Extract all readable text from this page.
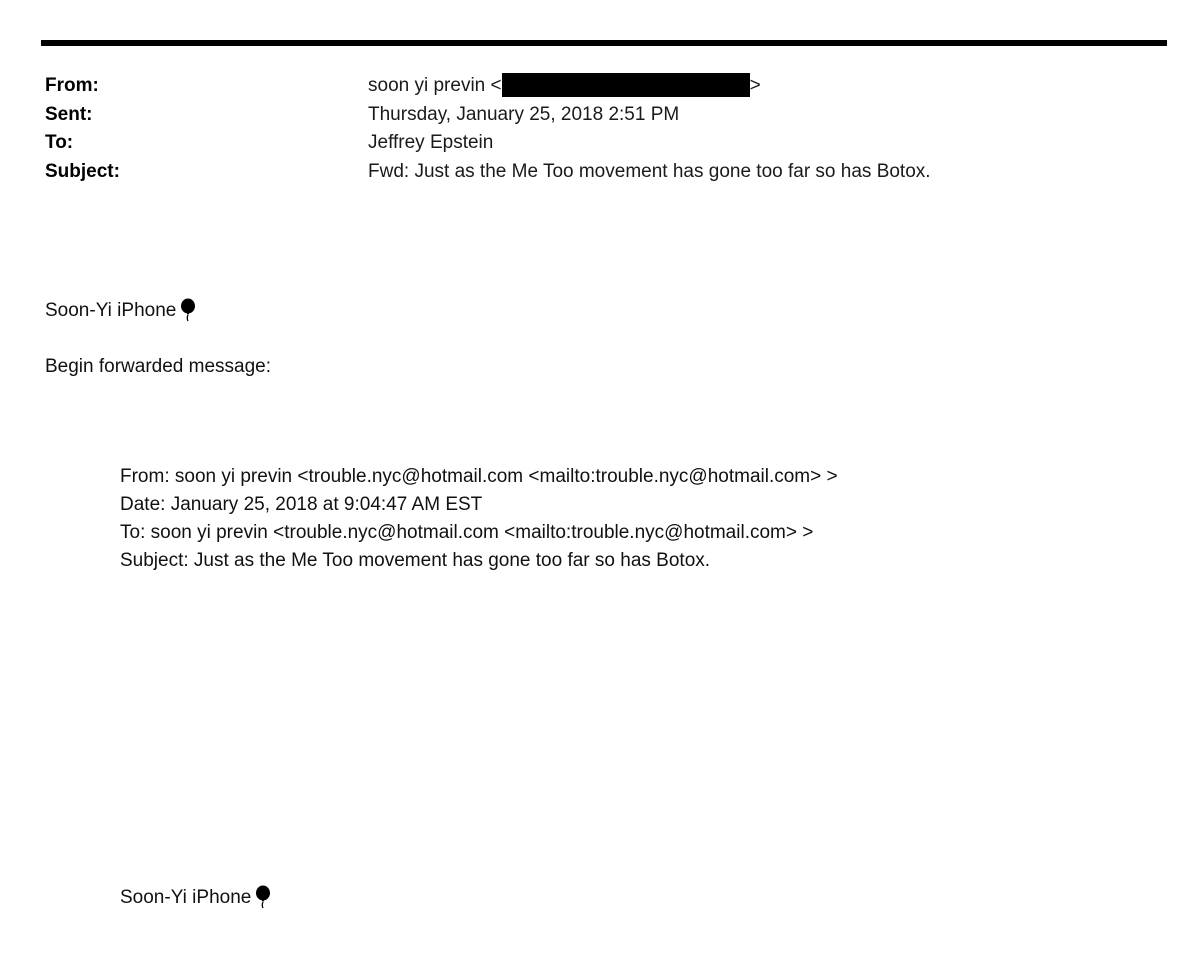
From:	soon yi previn <	>
Sent:	Thursday, January 25, 2018 2:51 PM
To:	Jeffrey Epstein
Subject:	Fwd: Just as the Me Too movement has gone too far so has Botox.
Soon-Yi iPhone
Begin forwarded message:
From: soon yi previn <trouble.nyc@hotmail.com <mailto:trouble.nyc@hotmail.com> >
Date: January 25, 2018 at 9:04:47 AM EST
To: soon yi previn <trouble.nyc@hotmail.com <mailto:trouble.nyc@hotmail.com> >
Subject: Just as the Me Too movement has gone too far so has Botox.
Soon-Yi iPhone
